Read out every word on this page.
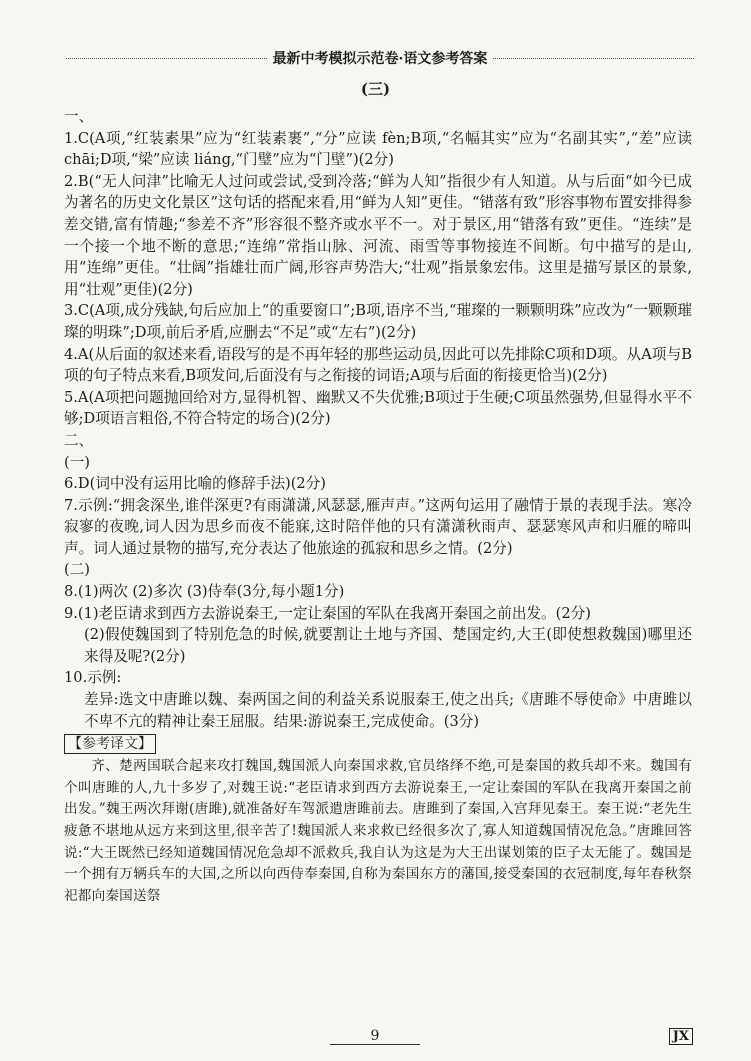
最新中考模拟示范卷·语文参考答案
(三)

一、

1.C(A项,“红装素果”应为“红装素裹”,“分”应读 fèn;B项,“名幅其实”应为“名副其实”,“差”应读 chāi;D项,“梁”应读 liáng,“门璧”应为“门壁”)(2分)

2.B(“无人问津”比喻无人过问或尝试,受到冷落;“鲜为人知”指很少有人知道。从与后面“如今已成为著名的历史文化景区”这句话的搭配来看,用“鲜为人知”更佳。“错落有致”形容事物布置安排得参差交错,富有情趣;“参差不齐”形容很不整齐或水平不一。对于景区,用“错落有致”更佳。“连续”是一个接一个地不断的意思;“连绵”常指山脉、河流、雨雪等事物接连不间断。句中描写的是山,用“连绵”更佳。“壮阔”指雄壮而广阔,形容声势浩大;“壮观”指景象宏伟。这里是描写景区的景象,用“壮观”更佳)(2分)

3.C(A项,成分残缺,句后应加上“的重要窗口”;B项,语序不当,“璀璨的一颗颗明珠”应改为“一颗颗璀璨的明珠”;D项,前后矛盾,应删去“不足”或“左右”)(2分)

4.A(从后面的叙述来看,语段写的是不再年轻的那些运动员,因此可以先排除C项和D项。从A项与B项的句子特点来看,B项发问,后面没有与之衔接的词语;A项与后面的衔接更恰当)(2分)

5.A(A项把问题抛回给对方,显得机智、幽默又不失优雅;B项过于生硬;C项虽然强势,但显得水平不够;D项语言粗俗,不符合特定的场合)(2分)

二、

(一)

6.D(词中没有运用比喻的修辞手法)(2分)

7.示例:“拥衾深坐,谁伴深更?有雨潇潇,风瑟瑟,雁声声。”这两句运用了融情于景的表现手法。寒冷寂寥的夜晚,词人因为思乡而夜不能寐,这时陪伴他的只有潇潇秋雨声、瑟瑟寒风声和归雁的啼叫声。词人通过景物的描写,充分表达了他旅途的孤寂和思乡之情。(2分)

(二)

8.(1)两次 (2)多次 (3)侍奉(3分,每小题1分)

9.(1)老臣请求到西方去游说秦王,一定让秦国的军队在我离开秦国之前出发。(2分)

(2)假使魏国到了特别危急的时候,就要割让土地与齐国、楚国定约,大王(即使想救魏国)哪里还来得及呢?(2分)

10.示例:

差异:选文中唐雎以魏、秦两国之间的利益关系说服秦王,使之出兵;《唐雎不辱使命》中唐雎以不卑不亢的精神让秦王屈服。结果:游说秦王,完成使命。(3分)

【参考译文】

齐、楚两国联合起来攻打魏国,魏国派人向秦国求救,官员络绎不绝,可是秦国的救兵却不来。魏国有个叫唐雎的人,九十多岁了,对魏王说:“老臣请求到西方去游说秦王,一定让秦国的军队在我离开秦国之前出发。”魏王两次拜谢(唐雎),就准备好车驾派遣唐雎前去。唐雎到了秦国,入宫拜见秦王。秦王说:“老先生疲惫不堪地从远方来到这里,很辛苦了!魏国派人来求救已经很多次了,寡人知道魏国情况危急。”唐雎回答说:“大王既然已经知道魏国情况危急却不派救兵,我自认为这是为大王出谋划策的臣子太无能了。魏国是一个拥有万辆兵车的大国,之所以向西侍奉秦国,自称为秦国东方的藩国,接受秦国的衣冠制度,每年春秋祭祀都向秦国送祭

9	JX
